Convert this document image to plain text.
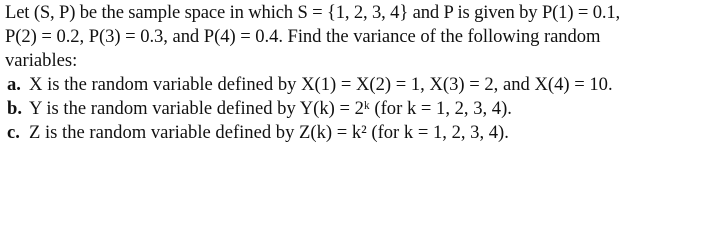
Let (S, P) be the sample space in which S = {1, 2, 3, 4} and P is given by P(1) = 0.1,
P(2) = 0.2, P(3) = 0.3, and P(4) = 0.4. Find the variance of the following random
variables:
a. X is the random variable defined by X(1) = X(2) = 1, X(3) = 2, and X(4) = 10.
b. Y is the random variable defined by Y(k) = 2ᵏ (for k = 1, 2, 3, 4).
c. Z is the random variable defined by Z(k) = k² (for k = 1, 2, 3, 4).
